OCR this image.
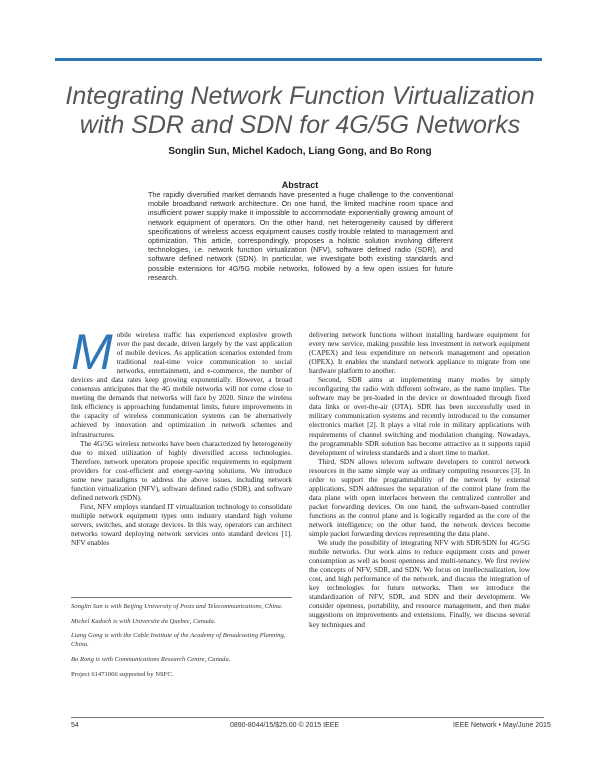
Integrating Network Function Virtualization
with SDR and SDN for 4G/5G Networks
Songlin Sun, Michel Kadoch, Liang Gong, and Bo Rong
Abstract

The rapidly diversified market demands have presented a huge challenge to the conventional mobile broadband network architecture. On one hand, the limited machine room space and insufficient power supply make it impossible to accommodate exponentially growing amount of network equipment of operators. On the other hand, net heterogeneity caused by different specifications of wireless access equipment causes costly trouble related to management and optimization. This article, correspondingly, proposes a holistic solution involving different technologies, i.e. network function virtualization (NFV), software defined radio (SDR), and software defined network (SDN). In particular, we investigate both existing standards and possible extensions for 4G/5G mobile networks, followed by a few open issues for future research.

M obile wireless traffic has experienced explosive growth over the past decade, driven largely by the vast application of mobile devices. As application scenarios extended from traditional real-time voice communication to social networks, entertainment, and e-commerce, the number of devices and data rates keep growing exponentially. However, a broad consensus anticipates that the 4G mobile networks will not come close to meeting the demands that networks will face by 2020. Since the wireless link efficiency is approaching fundamental limits, future improvements in the capacity of wireless communication systems can be alternatively achieved by innovation and optimization in network schemes and infrastructures.

The 4G/5G wireless networks have been characterized by heterogeneity due to mixed utilization of highly diversified access technologies. Therefore, network operators propose specific requirements to equipment providers for cost-efficient and energy-saving solutions. We introduce some new paradigms to address the above issues, including network function virtualization (NFV), software defined radio (SDR), and software defined network (SDN).

First, NFV employs standard IT virtualization technology to consolidate multiple network equipment types onto industry standard high volume servers, switches, and storage devices. In this way, operators can architect networks toward deploying network services onto standard devices [1]. NFV enables

delivering network functions without installing hardware equipment for every new service, making possible less investment in network equipment (CAPEX) and less expenditure on network management and operation (OPEX). It enables the standard network appliance to migrate from one hardware platform to another.

Second, SDR aims at implementing many modes by simply reconfiguring the radio with different software, as the name implies. The software may be pre-loaded in the device or downloaded through fixed data links or over-the-air (OTA). SDR has been successfully used in military communication systems and recently introduced to the consumer electronics market [2]. It plays a vital role in military applications with requirements of channel switching and modulation changing. Nowadays, the programmable SDR solution has become attractive as it supports rapid development of wireless standards and a short time to market.

Third, SDN allows telecom software developers to control network resources in the same simple way as ordinary computing resources [3]. In order to support the programmability of the network by external applications, SDN addresses the separation of the control plane from the data plane with open interfaces between the centralized controller and packet forwarding devices. On one hand, the software-based controller functions as the control plane and is logically regarded as the core of the network intelligence; on the other hand, the network devices become simple packet forwarding devices representing the data plane.

We study the possibility of integrating NFV with SDR/SDN for 4G/5G mobile networks. Our work aims to reduce equipment costs and power consumption as well as boost openness and multi-tenancy. We first review the concepts of NFV, SDR, and SDN. We focus on intellectualization, low cost, and high performance of the network, and discuss the integration of key technologies for future networks. Then we introduce the standardization of NFV, SDR, and SDN and their development. We consider openness, portability, and resource management, and then make suggestions on improvements and extensions. Finally, we discuss several key techniques and

Songlin Sun is with Beijing University of Posts and Telecommunications, China.

Michel Kadoch is with Universite du Quebec, Canada.

Liang Gong is with the Cable Institute of the Academy of Broadcasting Planning, China.

Bo Rong is with Communications Research Centre, Canada.

Project 61471066 supported by NSFC.

54	0890-8044/15/$25.00 © 2015 IEEE	IEEE Network • May/June 2015
